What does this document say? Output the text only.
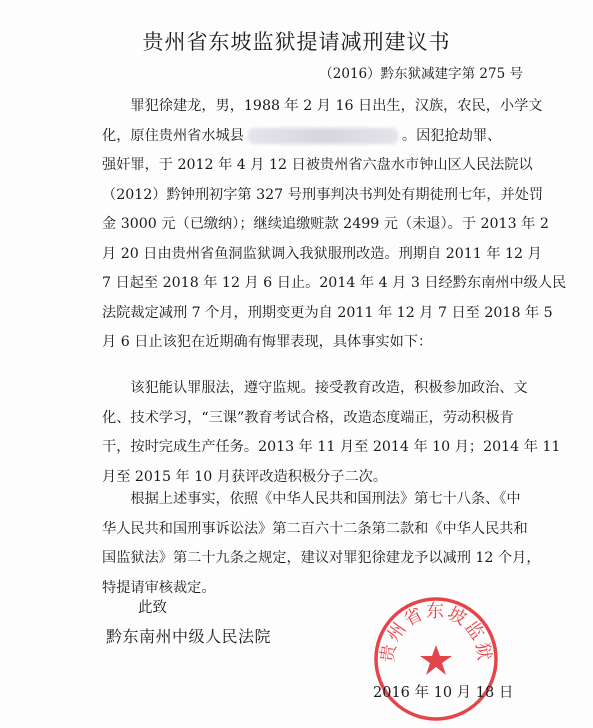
贵州省东坡监狱提请减刑建议书
（2016）黔东狱减建字第 275 号
罪犯徐建龙，男，1988 年 2 月 16 日出生，汉族，农民，小学文
化，原住贵州省水城县	。因犯抢劫罪、
强奸罪，于 2012 年 4 月 12 日被贵州省六盘水市钟山区人民法院以
（2012）黔钟刑初字第 327 号刑事判决书判处有期徒刑七年，并处罚
金 3000 元（已缴纳）；继续追缴赃款 2499 元（未退）。于 2013 年 2
月 20 日由贵州省鱼洞监狱调入我狱服刑改造。刑期自 2011 年 12 月
7 日起至 2018 年 12 月 6 日止。2014 年 4 月 3 日经黔东南州中级人民
法院裁定减刑 7 个月，刑期变更为自 2011 年 12 月 7 日至 2018 年 5
月 6 日止该犯在近期确有悔罪表现，具体事实如下：
该犯能认罪服法，遵守监规。接受教育改造，积极参加政治、文
化、技术学习，“三课”教育考试合格，改造态度端正，劳动积极肯
干，按时完成生产任务。2013 年 11 月至 2014 年 10 月；2014 年 11
月至 2015 年 10 月获评改造积极分子二次。
根据上述事实，依照《中华人民共和国刑法》第七十八条、《中
华人民共和国刑事诉讼法》第二百六十二条第二款和《中华人民共和
国监狱法》第二十九条之规定，建议对罪犯徐建龙予以减刑 12 个月，
特提请审核裁定。
此致
黔东南州中级人民法院
贵州省东坡监狱
2016 年 10 月 18 日
